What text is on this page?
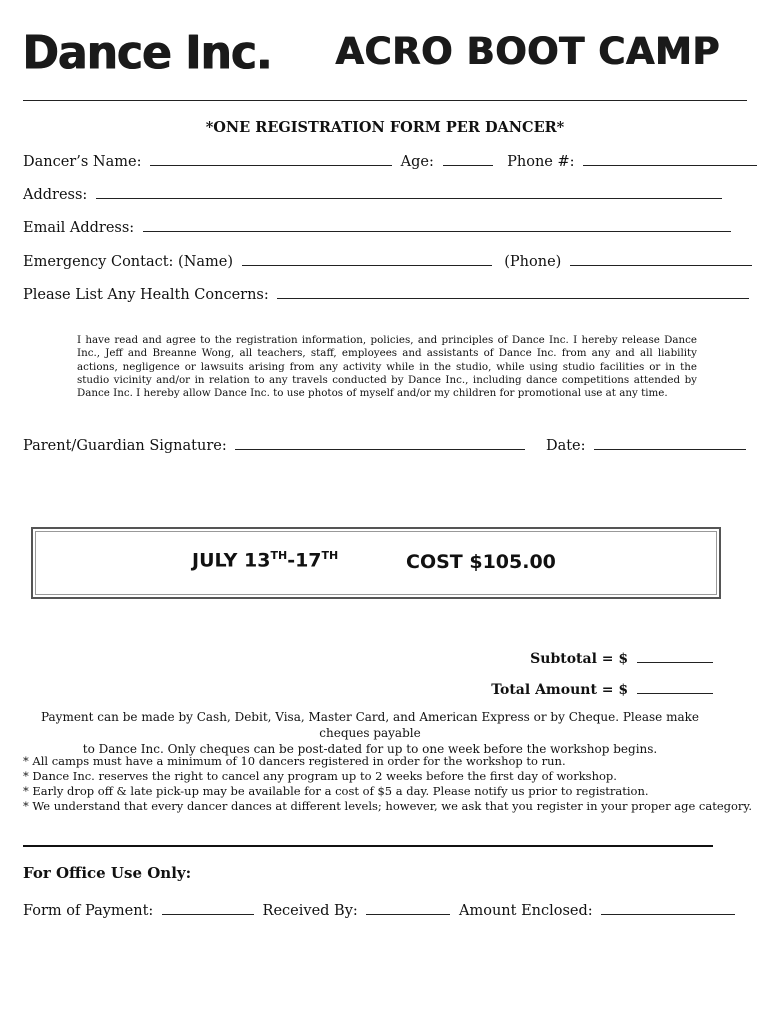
Dance Inc. ACRO BOOT CAMP
*ONE REGISTRATION FORM PER DANCER*
Dancer’s Name:	Age:	Phone #:
Address:
Email Address:
Emergency Contact: (Name)	(Phone)
Please List Any Health Concerns:
I have read and agree to the registration information, policies, and principles of Dance Inc. I hereby release Dance Inc., Jeff and Breanne Wong, all teachers, staff, employees and assistants of Dance Inc. from any and all liability actions, negligence or lawsuits arising from any activity while in the studio, while using studio facilities or in the studio vicinity and/or in relation to any travels conducted by Dance Inc., including dance competitions attended by Dance Inc. I hereby allow Dance Inc. to use photos of myself and/or my children for promotional use at any time.
Parent/Guardian Signature:	Date:
JULY 13TH-17TH	COST $105.00
Subtotal = $
Total Amount = $
Payment can be made by Cash, Debit, Visa, Master Card, and American Express or by Cheque. Please make cheques payable
to Dance Inc. Only cheques can be post-dated for up to one week before the workshop begins.
* All camps must have a minimum of 10 dancers registered in order for the workshop to run.
* Dance Inc. reserves the right to cancel any program up to 2 weeks before the first day of workshop.
* Early drop off & late pick-up may be available for a cost of $5 a day. Please notify us prior to registration.
* We understand that every dancer dances at different levels; however, we ask that you register in your proper age category.
For Office Use Only:
Form of Payment:	Received By:	Amount Enclosed:
